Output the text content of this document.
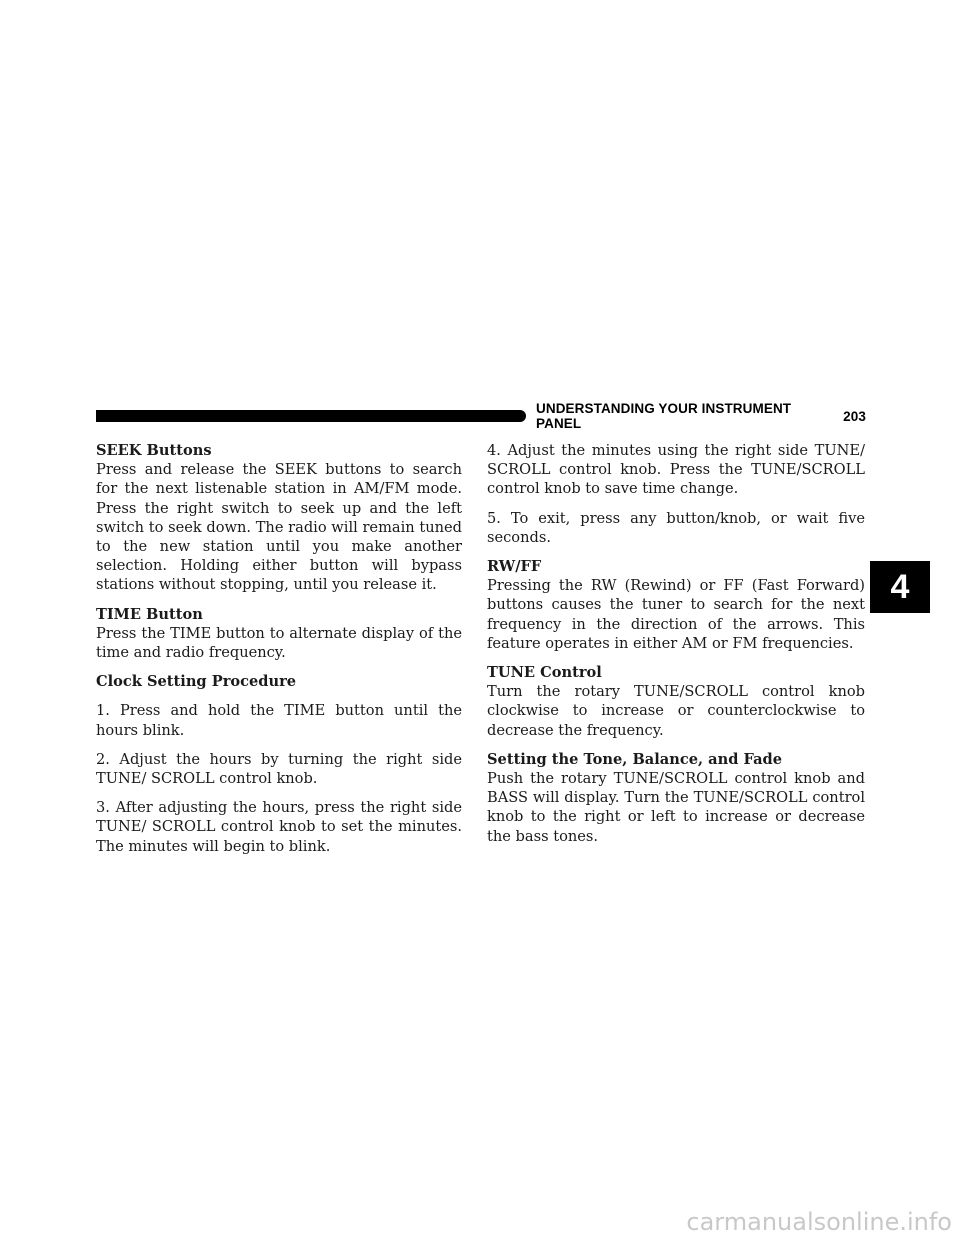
UNDERSTANDING YOUR INSTRUMENT PANEL	203
SEEK Buttons
Press and release the SEEK buttons to search for the next listenable station in AM/FM mode. Press the right switch to seek up and the left switch to seek down. The radio will remain tuned to the new station until you make another selection. Holding either button will bypass stations without stopping, until you release it.
TIME Button
Press the TIME button to alternate display of the time and radio frequency.
Clock Setting Procedure
1. Press and hold the TIME button until the hours blink.
2. Adjust the hours by turning the right side TUNE/ SCROLL control knob.
3. After adjusting the hours, press the right side TUNE/ SCROLL control knob to set the minutes. The minutes will begin to blink.
4. Adjust the minutes using the right side TUNE/ SCROLL control knob. Press the TUNE/SCROLL control knob to save time change.
5. To exit, press any button/knob, or wait five seconds.
RW/FF
Pressing the RW (Rewind) or FF (Fast Forward) buttons causes the tuner to search for the next frequency in the direction of the arrows. This feature operates in either AM or FM frequencies.
TUNE Control
Turn the rotary TUNE/SCROLL control knob clockwise to increase or counterclockwise to decrease the frequency.
Setting the Tone, Balance, and Fade
Push the rotary TUNE/SCROLL control knob and BASS will display. Turn the TUNE/SCROLL control knob to the right or left to increase or decrease the bass tones.
4
carmanualsonline.info
